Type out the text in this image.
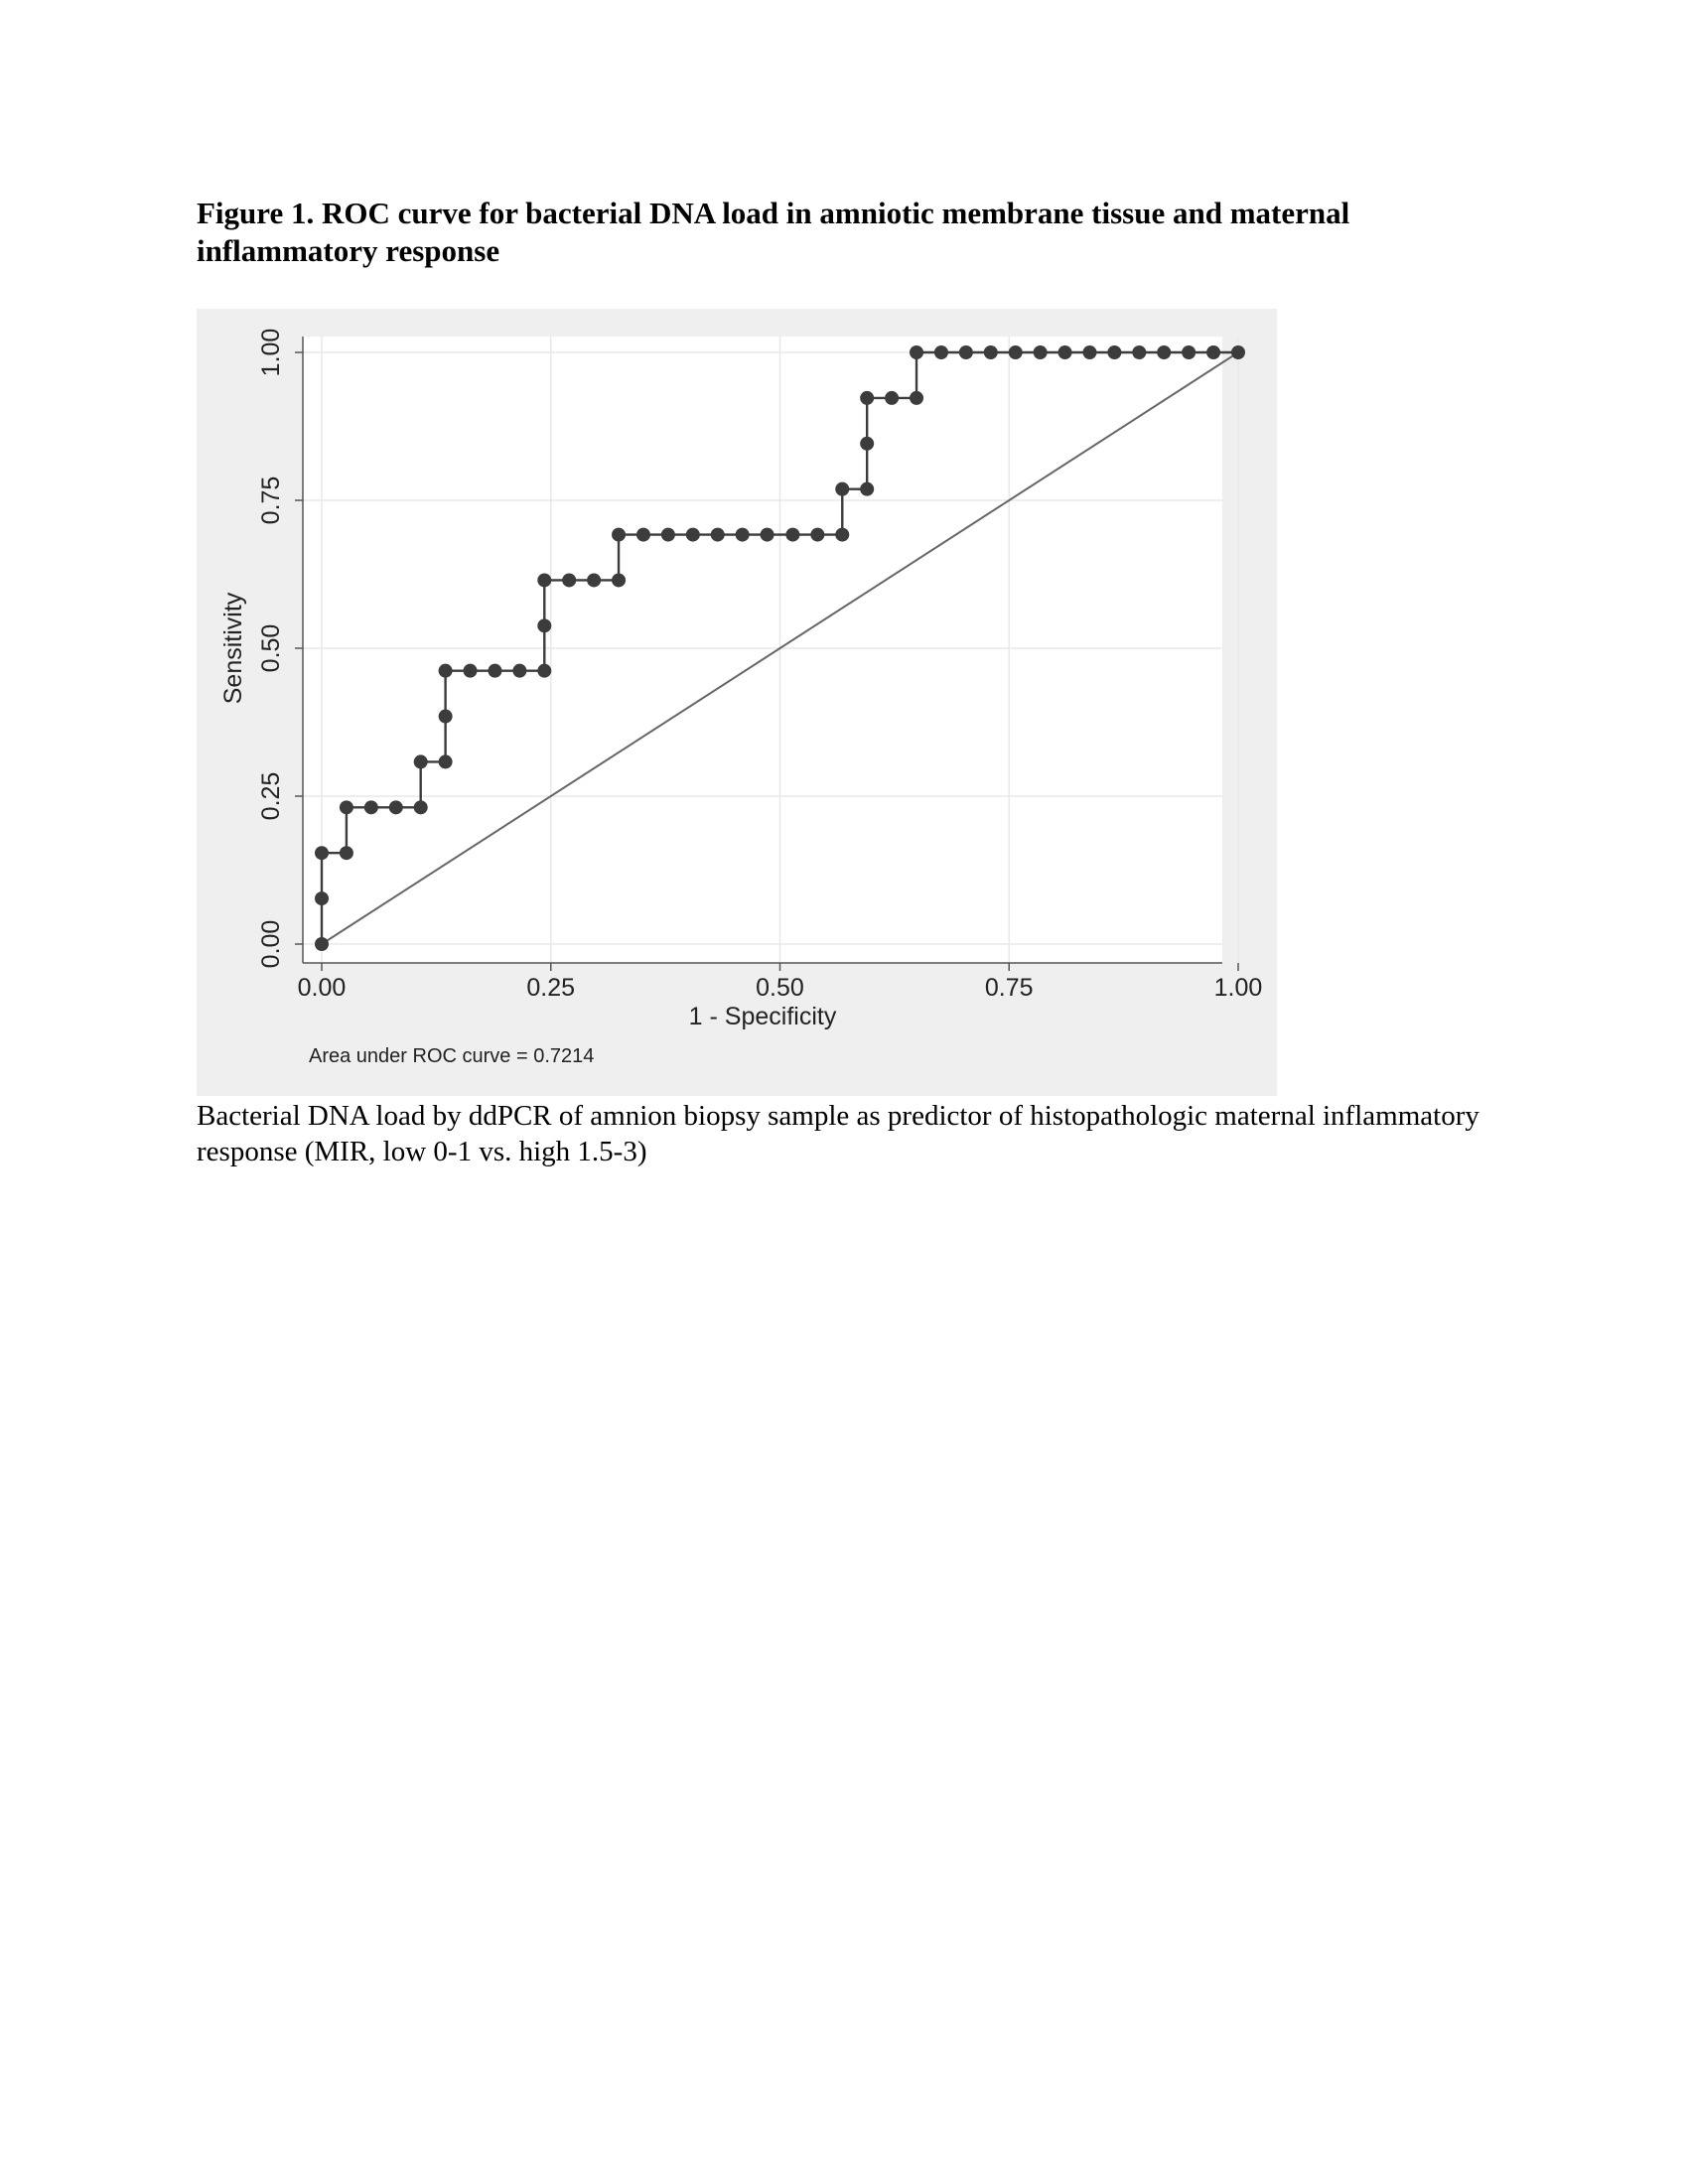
Figure 1. ROC curve for bacterial DNA load in amniotic membrane tissue and maternal inflammatory response
0.00	0.25	0.50	0.75	1.00
0.00
0.25
0.50
0.75
1.00
1 - Specificity
Sensitivity
Area under ROC curve = 0.7214
Bacterial DNA load by ddPCR of amnion biopsy sample as predictor of histopathologic maternal inflammatory response (MIR, low 0-1 vs. high 1.5-3)
